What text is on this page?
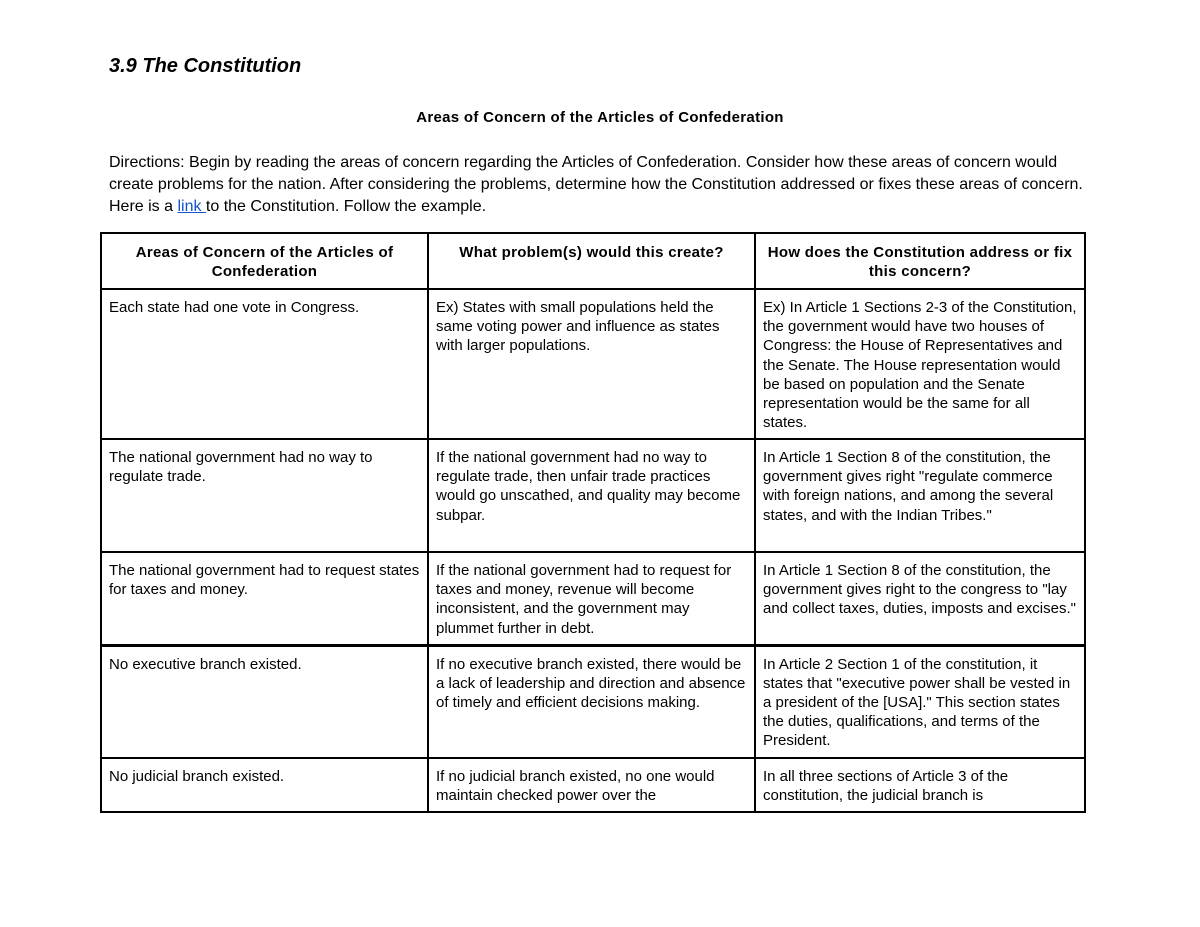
3.9 The Constitution
Areas of Concern of the Articles of Confederation

Directions: Begin by reading the areas of concern regarding the Articles of Confederation. Consider how these areas of concern would create problems for the nation. After considering the problems, determine how the Constitution addressed or fixes these areas of concern. Here is a link to the Constitution. Follow the example.

Areas of Concern of the Articles of Confederation	What problem(s) would this create?	How does the Constitution address or fix this concern?
Each state had one vote in Congress.	Ex) States with small populations held the same voting power and influence as states with larger populations.	Ex) In Article 1 Sections 2-3 of the Constitution, the government would have two houses of Congress: the House of Representatives and the Senate. The House representation would be based on population and the Senate representation would be the same for all states.
The national government had no way to regulate trade.	If the national government had no way to regulate trade, then unfair trade practices would go unscathed, and quality may become subpar.	In Article 1 Section 8 of the constitution, the government gives right "regulate commerce with foreign nations, and among the several states, and with the Indian Tribes."
The national government had to request states for taxes and money.	If the national government had to request for taxes and money, revenue will become inconsistent, and the government may plummet further in debt.	In Article 1 Section 8 of the constitution, the government gives right to the congress to "lay and collect taxes, duties, imposts and excises."
No executive branch existed.	If no executive branch existed, there would be a lack of leadership and direction and absence of timely and efficient decisions making.	In Article 2 Section 1 of the constitution, it states that "executive power shall be vested in a president of the [USA]." This section states the duties, qualifications, and terms of the President.

No judicial branch existed.	If no judicial branch existed, no one would maintain checked power over the	In all three sections of Article 3 of the constitution, the judicial branch is
